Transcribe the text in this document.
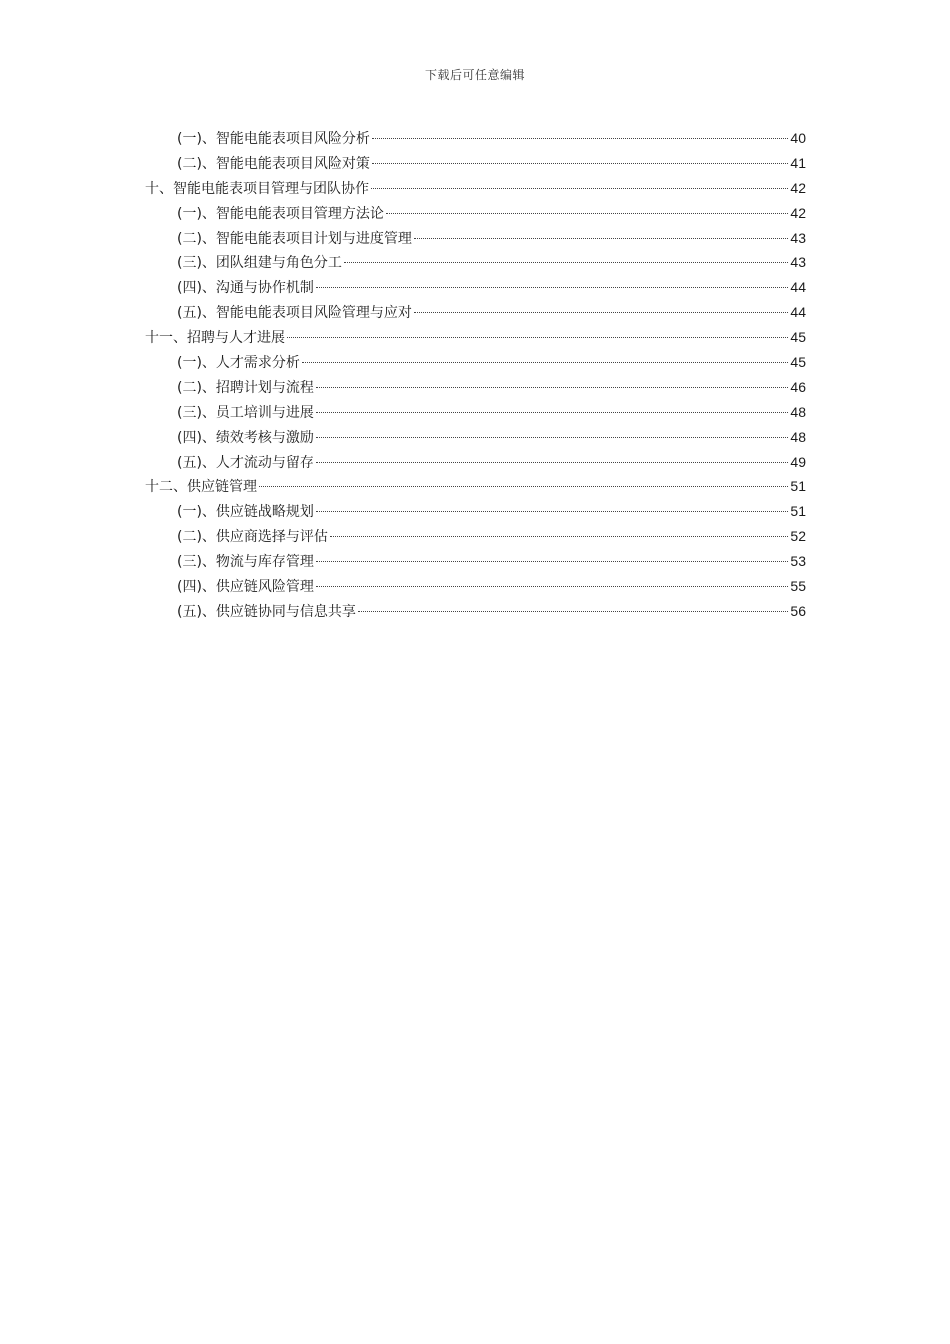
下载后可任意编辑
(一)、智能电能表项目风险分析	40
(二)、智能电能表项目风险对策	41
十、智能电能表项目管理与团队协作	42
(一)、智能电能表项目管理方法论	42
(二)、智能电能表项目计划与进度管理	43
(三)、团队组建与角色分工	43
(四)、沟通与协作机制	44
(五)、智能电能表项目风险管理与应对	44
十一、招聘与人才进展	45
(一)、人才需求分析	45
(二)、招聘计划与流程	46
(三)、员工培训与进展	48
(四)、绩效考核与激励	48
(五)、人才流动与留存	49
十二、供应链管理	51
(一)、供应链战略规划	51
(二)、供应商选择与评估	52
(三)、物流与库存管理	53
(四)、供应链风险管理	55
(五)、供应链协同与信息共享	56
